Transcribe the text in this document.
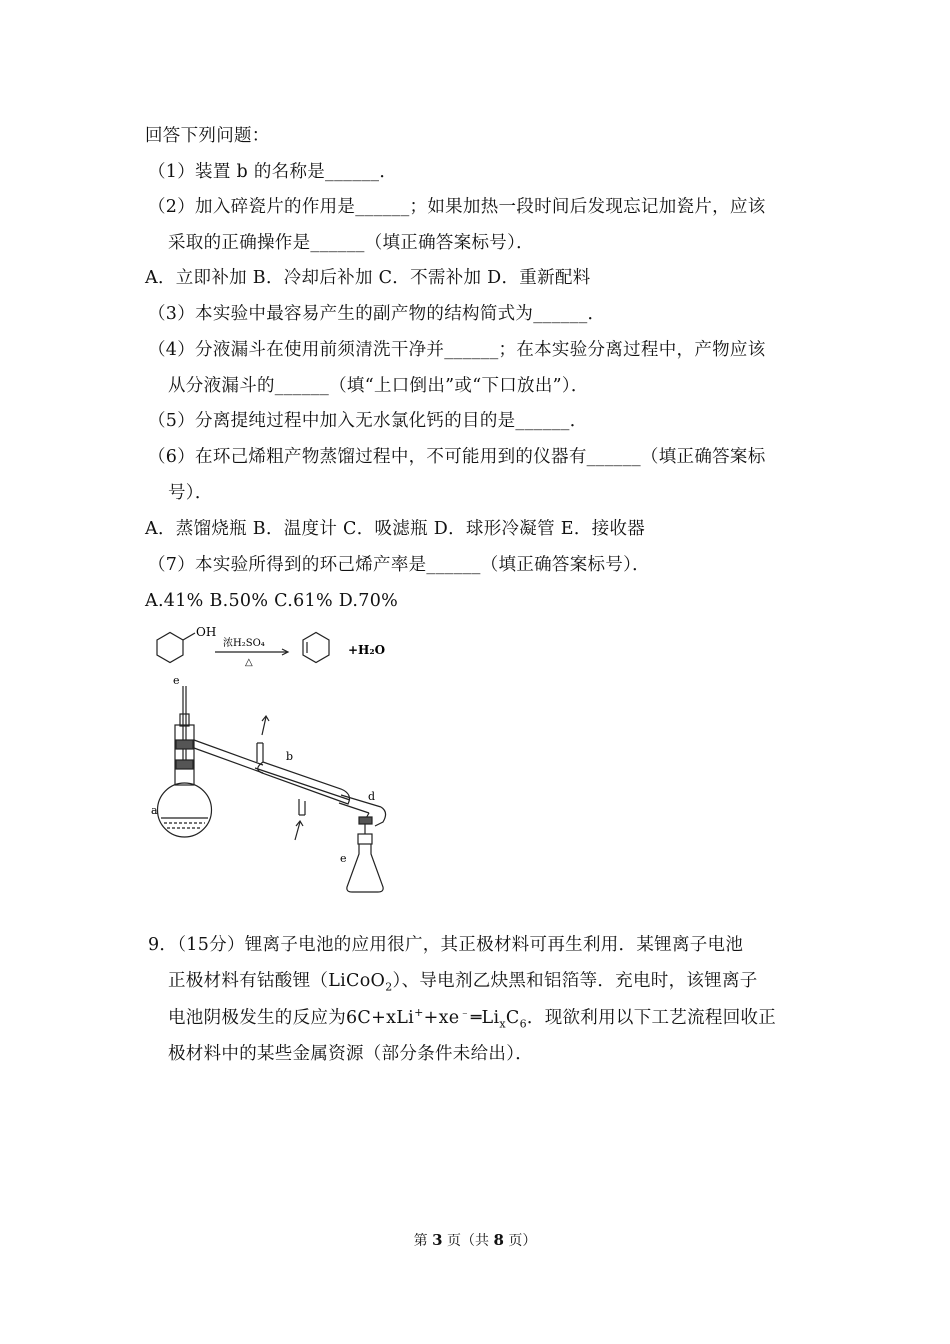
回答下列问题：
（1）装置 b 的名称是______．
（2）加入碎瓷片的作用是______；如果加热一段时间后发现忘记加瓷片，应该
采取的正确操作是______（填正确答案标号）．
A．立即补加 B．冷却后补加 C．不需补加 D．重新配料
（3）本实验中最容易产生的副产物的结构简式为______．
（4）分液漏斗在使用前须清洗干净并______；在本实验分离过程中，产物应该
从分液漏斗的______（填“上口倒出”或“下口放出”）．
（5）分离提纯过程中加入无水氯化钙的目的是______．
（6）在环己烯粗产物蒸馏过程中，不可能用到的仪器有______（填正确答案标
号）．
A．蒸馏烧瓶 B．温度计 C．吸滤瓶 D．球形冷凝管 E．接收器
（7）本实验所得到的环己烯产率是______（填正确答案标号）．
A.41% B.50% C.61% D.70%
OH
浓H₂SO₄
△
+H₂O
e
a
b
d
e
9．（15分）锂离子电池的应用很广，其正极材料可再生利用．某锂离子电池
正极材料有钴酸锂（LiCoO$_2$）、导电剂乙炔黑和铝箔等．充电时，该锂离子
电池阴极发生的反应为$6C+xLi^++xe^﹣═Li_xC_6$．现欲利用以下工艺流程回收正
极材料中的某些金属资源（部分条件未给出）．
第 3 页（共 8 页）
